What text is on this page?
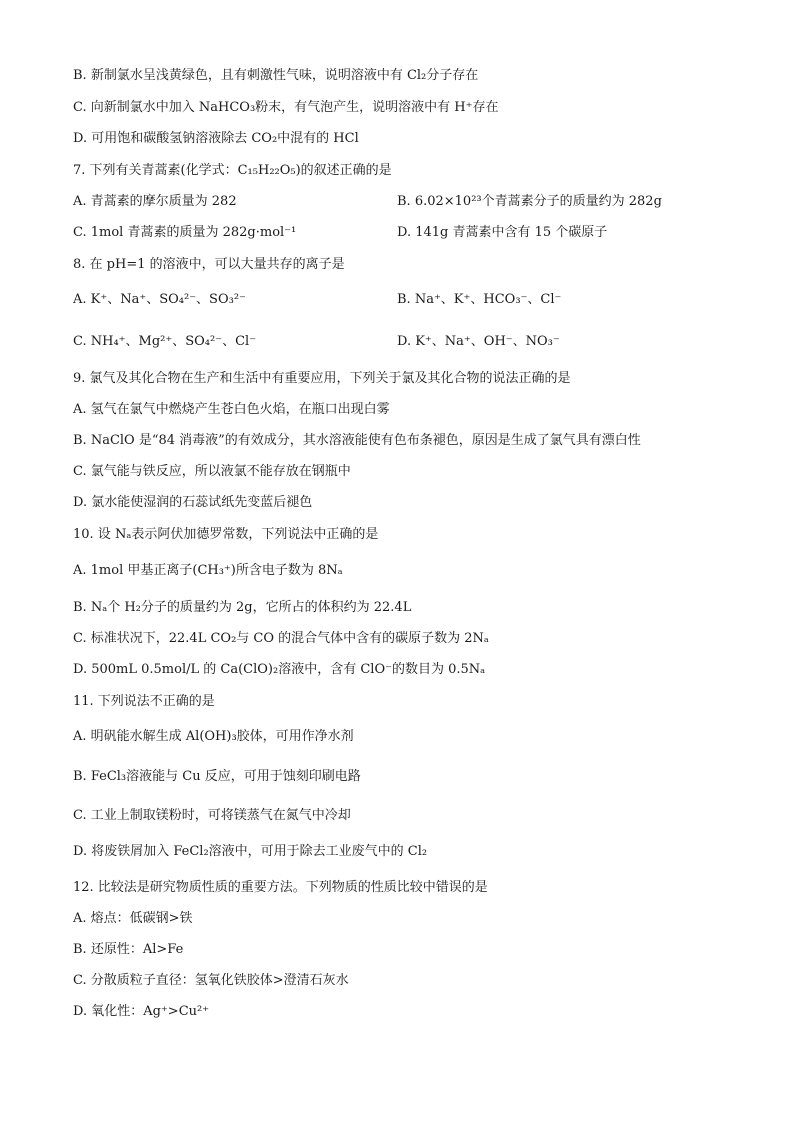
B. 新制氯水呈浅黄绿色，且有刺激性气味，说明溶液中有 Cl₂分子存在
C. 向新制氯水中加入 NaHCO₃粉末，有气泡产生，说明溶液中有 H⁺存在
D. 可用饱和碳酸氢钠溶液除去 CO₂中混有的 HCl
7. 下列有关青蒿素(化学式：C₁₅H₂₂O₅)的叙述正确的是
A. 青蒿素的摩尔质量为 282	B. 6.02×10²³个青蒿素分子的质量约为 282g
C. 1mol 青蒿素的质量为 282g·mol⁻¹	D. 141g 青蒿素中含有 15 个碳原子
8. 在 pH=1 的溶液中，可以大量共存的离子是
A. K⁺、Na⁺、SO₄²⁻、SO₃²⁻	B. Na⁺、K⁺、HCO₃⁻、Cl⁻
C. NH₄⁺、Mg²⁺、SO₄²⁻、Cl⁻	D. K⁺、Na⁺、OH⁻、NO₃⁻
9. 氯气及其化合物在生产和生活中有重要应用，下列关于氯及其化合物的说法正确的是
A. 氢气在氯气中燃烧产生苍白色火焰，在瓶口出现白雾
B. NaClO 是“84 消毒液”的有效成分，其水溶液能使有色布条褪色，原因是生成了氯气具有漂白性
C. 氯气能与铁反应，所以液氯不能存放在钢瓶中
D. 氯水能使湿润的石蕊试纸先变蓝后褪色
10. 设 Nₐ表示阿伏加德罗常数，下列说法中正确的是
A. 1mol 甲基正离子(CH₃⁺)所含电子数为 8Nₐ
B. Nₐ个 H₂分子的质量约为 2g，它所占的体积约为 22.4L
C. 标准状况下，22.4L CO₂与 CO 的混合气体中含有的碳原子数为 2Nₐ
D. 500mL 0.5mol/L 的 Ca(ClO)₂溶液中，含有 ClO⁻的数目为 0.5Nₐ
11. 下列说法不正确的是
A. 明矾能水解生成 Al(OH)₃胶体，可用作净水剂
B. FeCl₃溶液能与 Cu 反应，可用于蚀刻印刷电路
C. 工业上制取镁粉时，可将镁蒸气在氮气中冷却
D. 将废铁屑加入 FeCl₂溶液中，可用于除去工业废气中的 Cl₂
12. 比较法是研究物质性质的重要方法。下列物质的性质比较中错误的是
A. 熔点：低碳钢>铁
B. 还原性：Al>Fe
C. 分散质粒子直径：氢氧化铁胶体>澄清石灰水
D. 氧化性：Ag⁺>Cu²⁺
